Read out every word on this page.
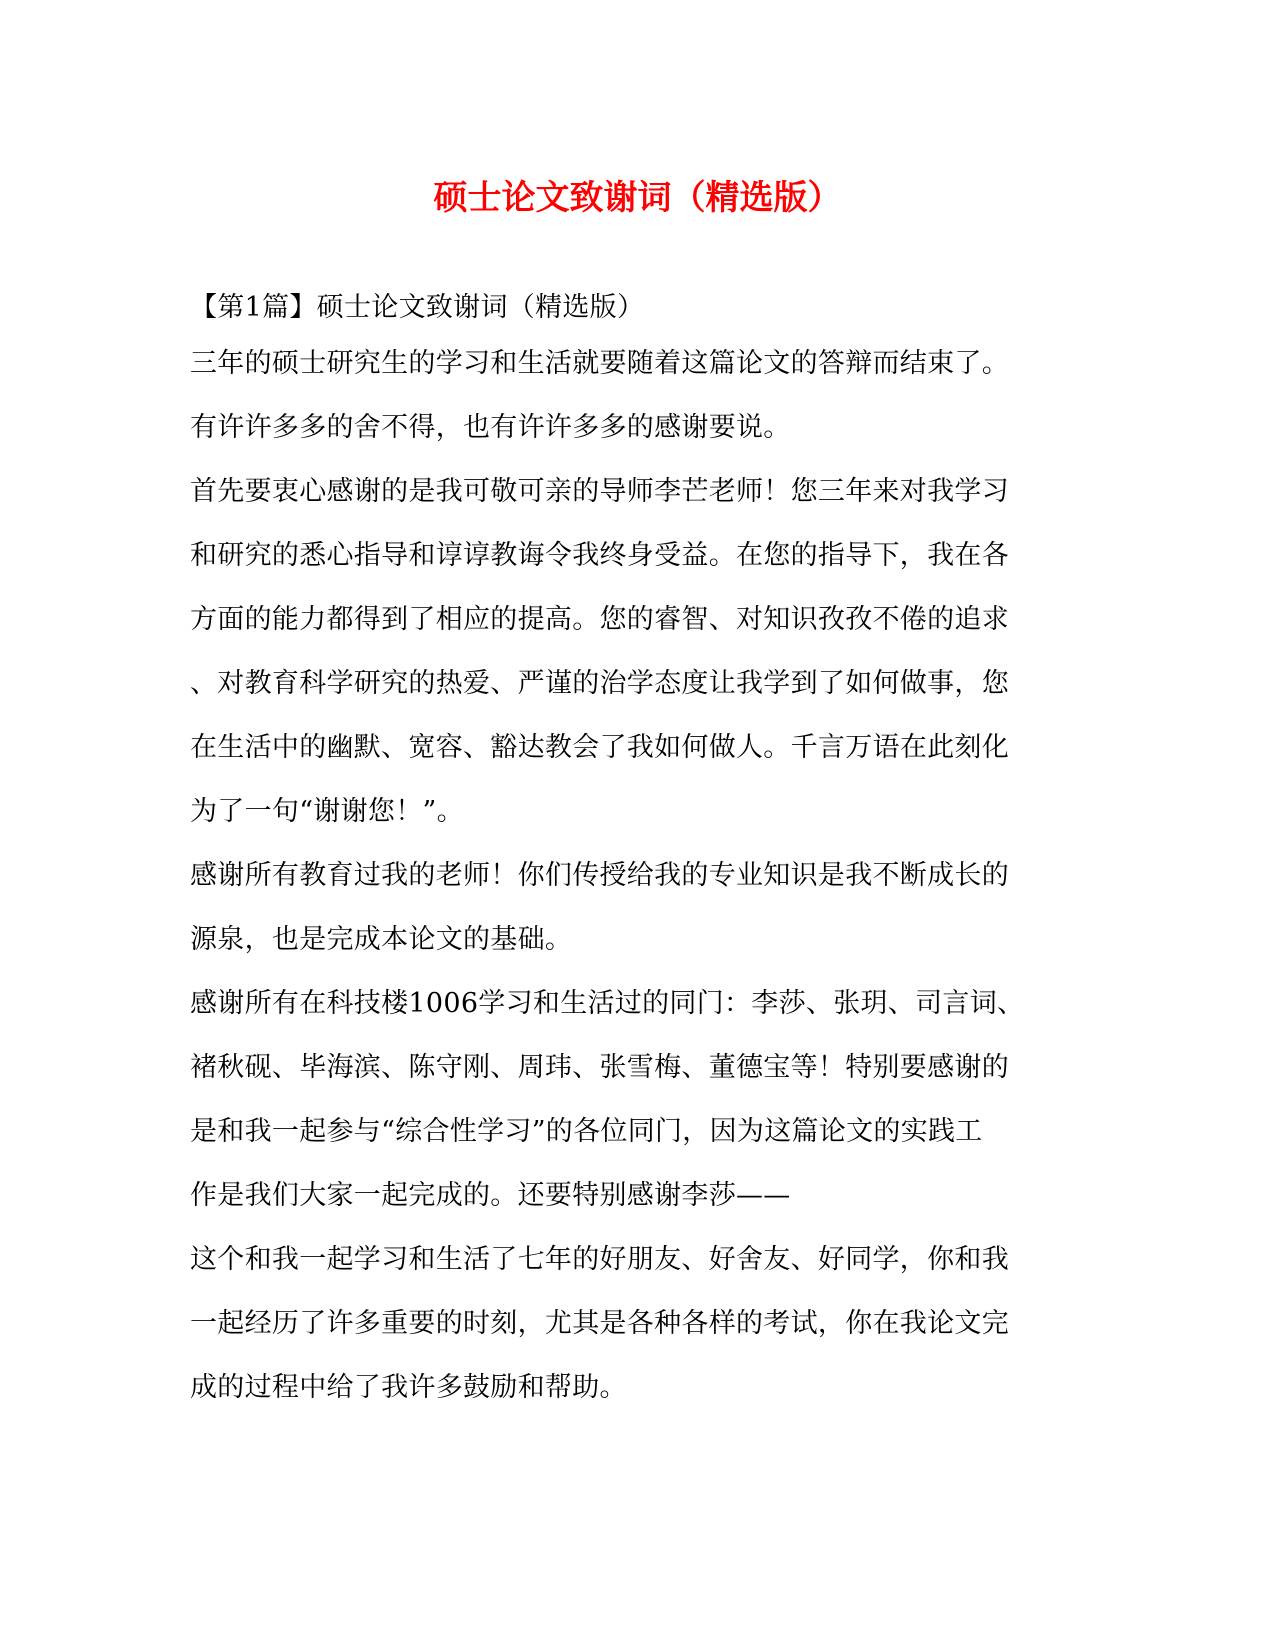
硕士论文致谢词（精选版）
【第1篇】硕士论文致谢词（精选版）
三年的硕士研究生的学习和生活就要随着这篇论文的答辩而结束了。
有许许多多的舍不得，也有许许多多的感谢要说。
首先要衷心感谢的是我可敬可亲的导师李芒老师！您三年来对我学习
和研究的悉心指导和谆谆教诲令我终身受益。在您的指导下，我在各
方面的能力都得到了相应的提高。您的睿智、对知识孜孜不倦的追求
、对教育科学研究的热爱、严谨的治学态度让我学到了如何做事，您
在生活中的幽默、宽容、豁达教会了我如何做人。千言万语在此刻化
为了一句“谢谢您！”。
感谢所有教育过我的老师！你们传授给我的专业知识是我不断成长的
源泉，也是完成本论文的基础。
感谢所有在科技楼1006学习和生活过的同门：李莎、张玥、司言词、
褚秋砚、毕海滨、陈守刚、周玮、张雪梅、董德宝等！特别要感谢的
是和我一起参与“综合性学习”的各位同门，因为这篇论文的实践工
作是我们大家一起完成的。还要特别感谢李莎——
这个和我一起学习和生活了七年的好朋友、好舍友、好同学，你和我
一起经历了许多重要的时刻，尤其是各种各样的考试，你在我论文完
成的过程中给了我许多鼓励和帮助。
